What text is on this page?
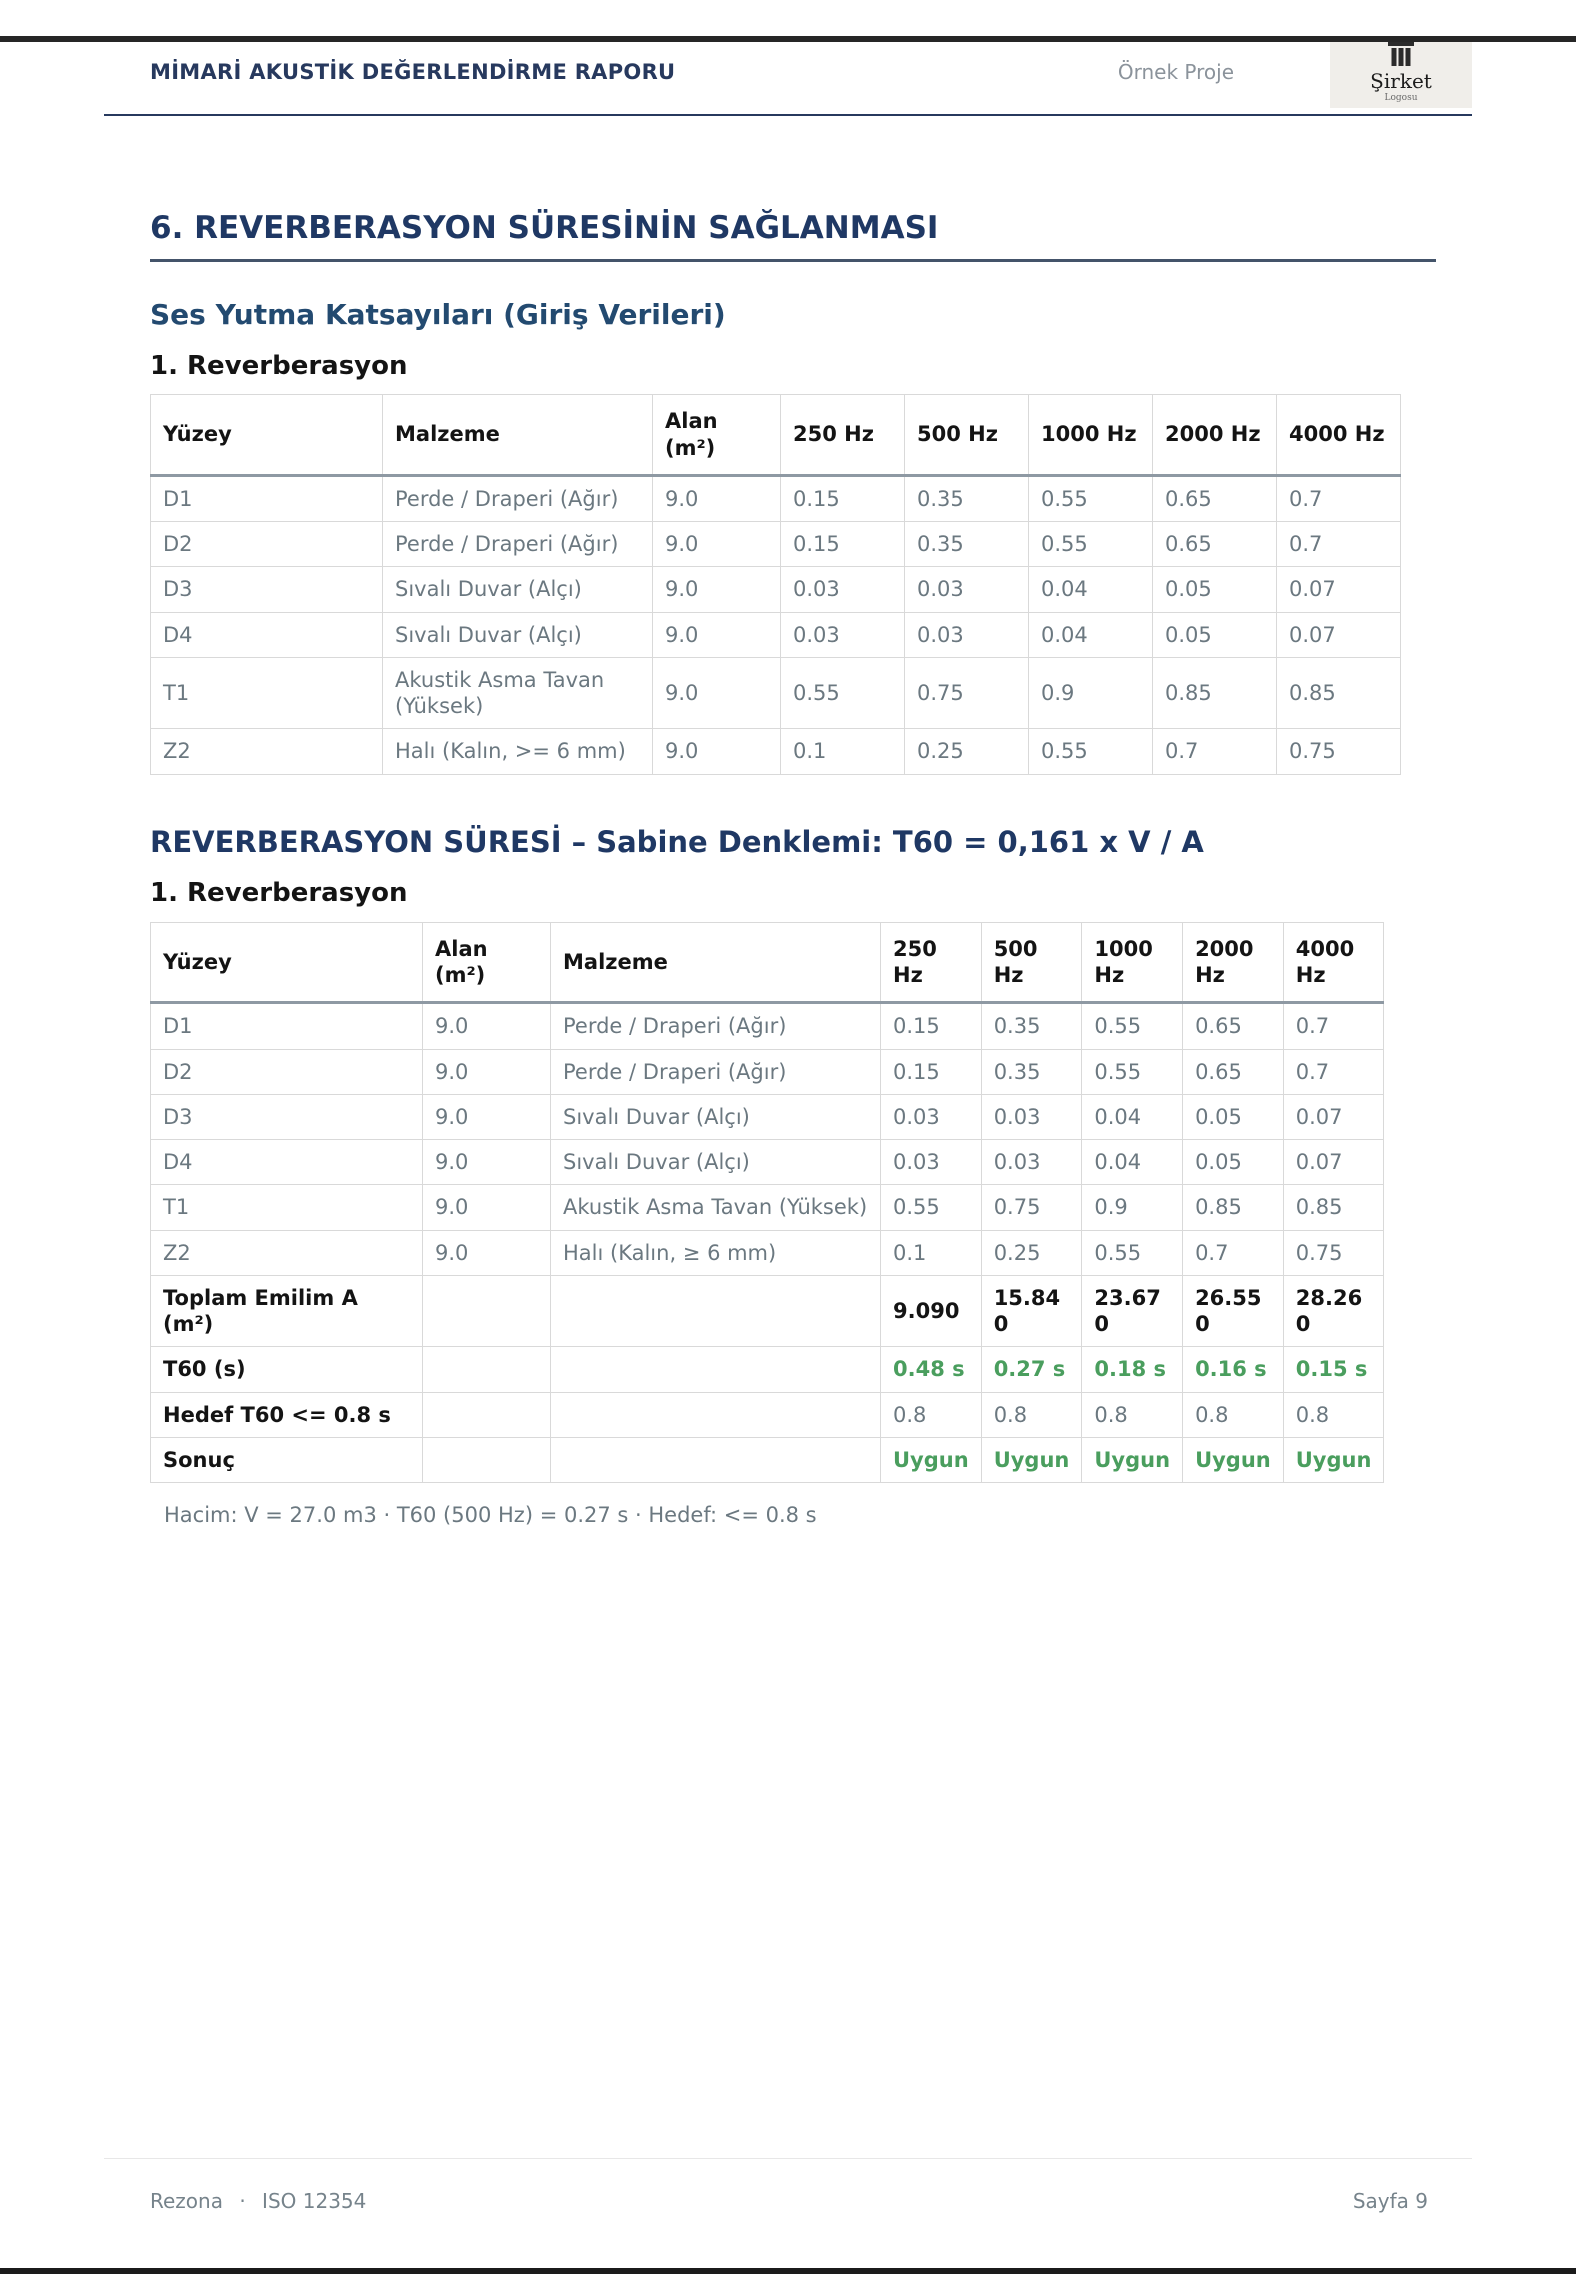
MİMARİ AKUSTİK DEĞERLENDİRME RAPORU	Örnek Proje	Şirket
Logosu
6. REVERBERASYON SÜRESİNİN SAĞLANMASI
Ses Yutma Katsayıları (Giriş Verileri)
1. Reverberasyon
Yüzey	Malzeme	Alan (m²)	250 Hz	500 Hz	1000 Hz	2000 Hz	4000 Hz
D1	Perde / Draperi (Ağır)	9.0	0.15	0.35	0.55	0.65	0.7
D2	Perde / Draperi (Ağır)	9.0	0.15	0.35	0.55	0.65	0.7
D3	Sıvalı Duvar (Alçı)	9.0	0.03	0.03	0.04	0.05	0.07
D4	Sıvalı Duvar (Alçı)	9.0	0.03	0.03	0.04	0.05	0.07
T1	Akustik Asma Tavan (Yüksek)	9.0	0.55	0.75	0.9	0.85	0.85
Z2	Halı (Kalın, >= 6 mm)	9.0	0.1	0.25	0.55	0.7	0.75
REVERBERASYON SÜRESİ – Sabine Denklemi: T60 = 0,161 x V / A
1. Reverberasyon
Yüzey	Alan (m²)	Malzeme	250 Hz	500 Hz	1000 Hz	2000 Hz	4000 Hz
D1	9.0	Perde / Draperi (Ağır)	0.15	0.35	0.55	0.65	0.7
D2	9.0	Perde / Draperi (Ağır)	0.15	0.35	0.55	0.65	0.7
D3	9.0	Sıvalı Duvar (Alçı)	0.03	0.03	0.04	0.05	0.07
D4	9.0	Sıvalı Duvar (Alçı)	0.03	0.03	0.04	0.05	0.07
T1	9.0	Akustik Asma Tavan (Yüksek)	0.55	0.75	0.9	0.85	0.85
Z2	9.0	Halı (Kalın, ≥ 6 mm)	0.1	0.25	0.55	0.7	0.75
Toplam Emilim A (m²)			9.090	15.840	23.670	26.550	28.260
T60 (s)			0.48 s	0.27 s	0.18 s	0.16 s	0.15 s
Hedef T60 <= 0.8 s			0.8	0.8	0.8	0.8	0.8
Sonuç			Uygun	Uygun	Uygun	Uygun	Uygun
Hacim: V = 27.0 m3 · T60 (500 Hz) = 0.27 s · Hedef: <= 0.8 s
Rezona · ISO 12354	Sayfa 9
